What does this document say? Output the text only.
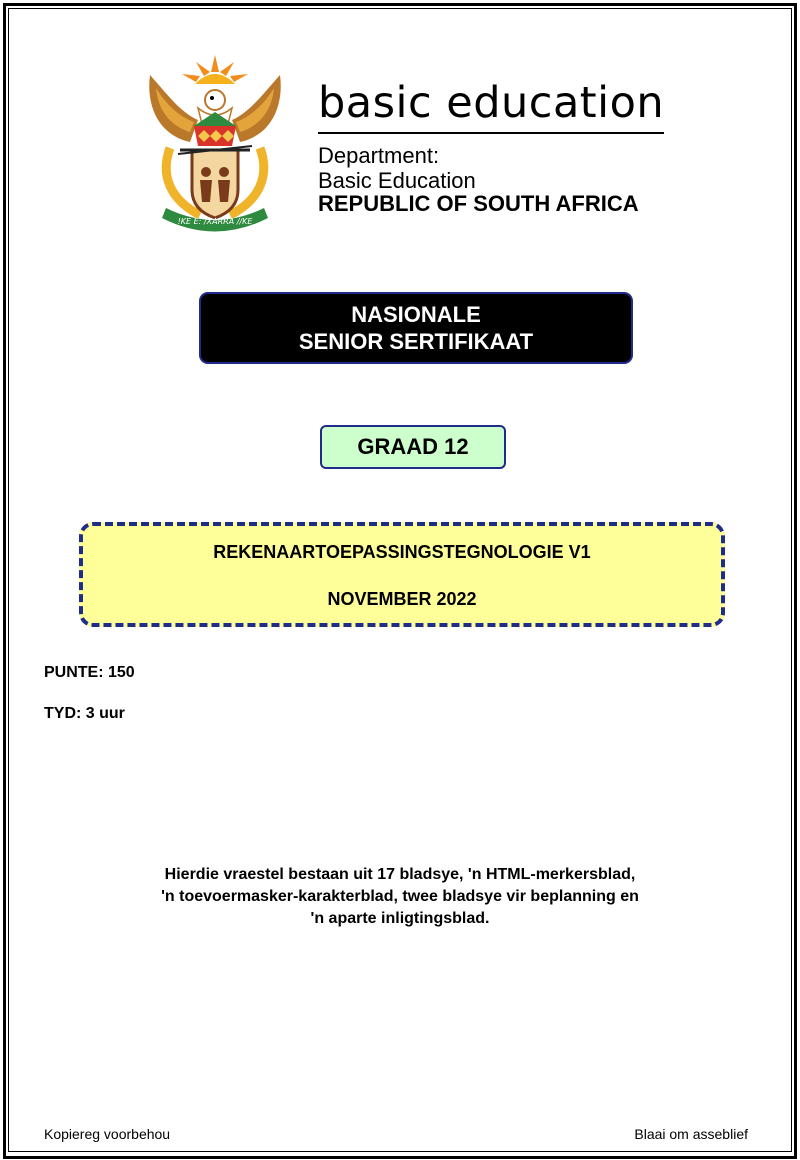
!KE E: /XARRA //KE
basic education
Department:
Basic Education
REPUBLIC OF SOUTH AFRICA
NASIONALE
SENIOR SERTIFIKAAT
GRAAD 12
REKENAARTOEPASSINGSTEGNOLOGIE V1
NOVEMBER 2022
PUNTE: 150
TYD: 3 uur
Hierdie vraestel bestaan uit 17 bladsye, 'n HTML-merkersblad,
'n toevoermasker-karakterblad, twee bladsye vir beplanning en
'n aparte inligtingsblad.
Kopiereg voorbehou	Blaai om asseblief
